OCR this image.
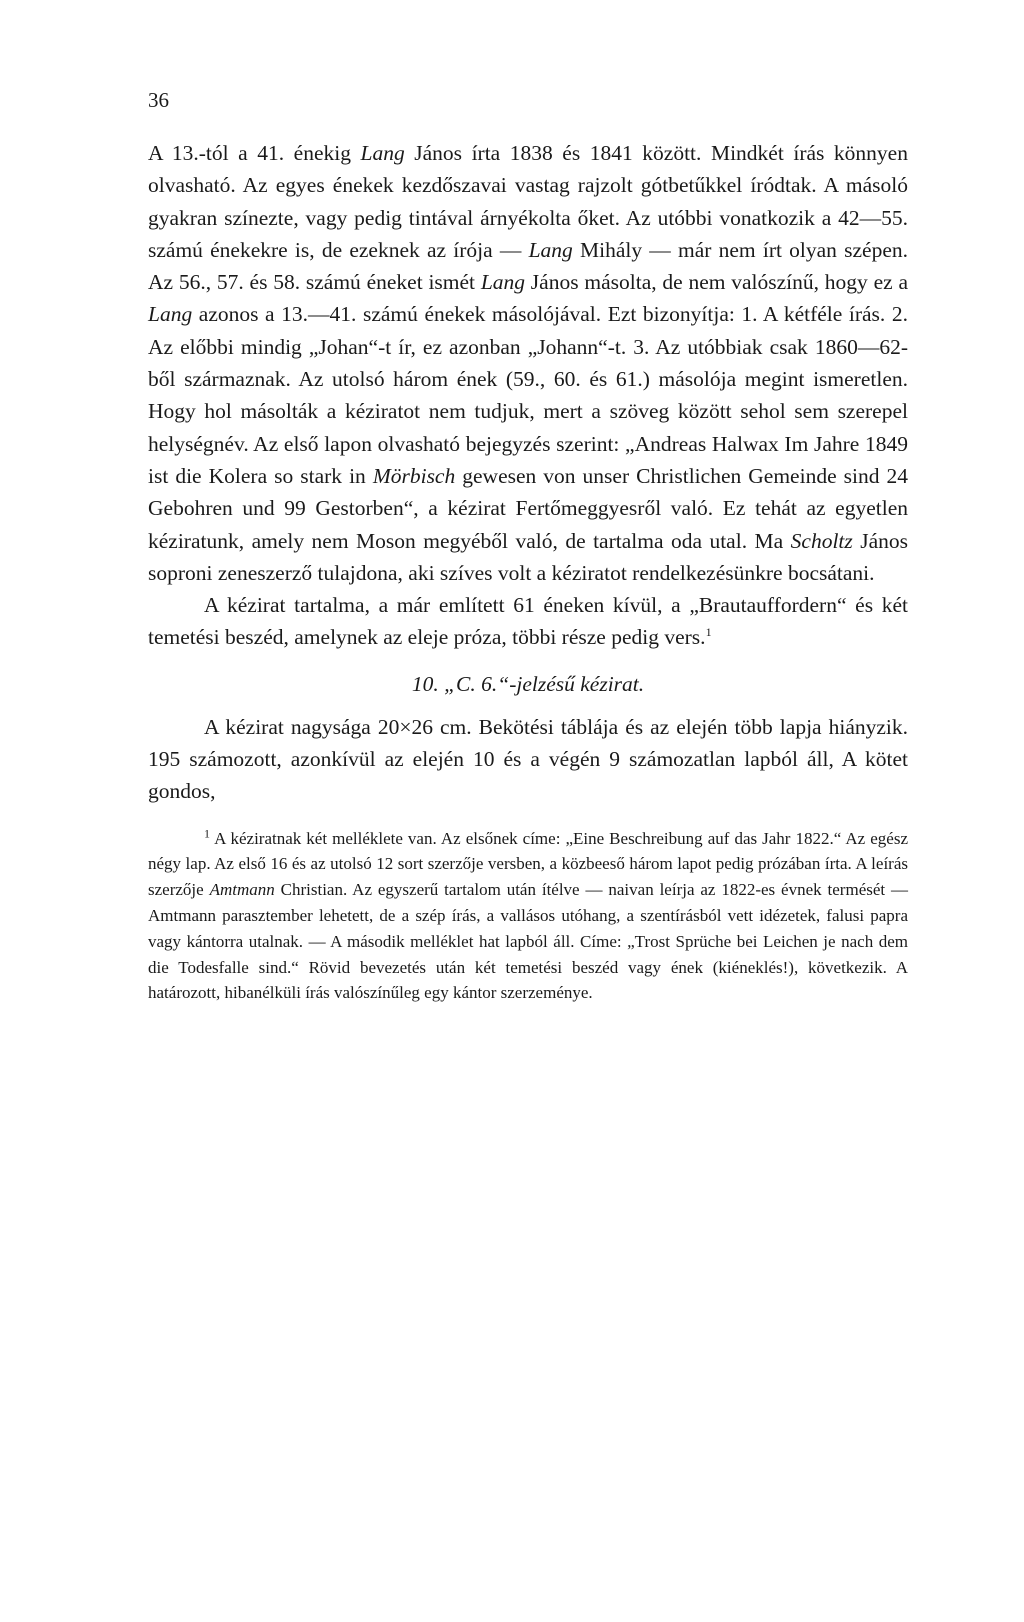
36

A 13.-tól a 41. énekig Lang János írta 1838 és 1841 között. Mindkét írás könnyen olvasható. Az egyes énekek kezdőszavai vastag rajzolt gótbetűkkel íródtak. A másoló gyakran színezte, vagy pedig tintával árnyékolta őket. Az utóbbi vonatkozik a 42—55. számú énekekre is, de ezeknek az írója — Lang Mihály — már nem írt olyan szépen. Az 56., 57. és 58. számú éneket ismét Lang János másolta, de nem valószínű, hogy ez a Lang azonos a 13.—41. számú énekek másolójával. Ezt bizonyítja: 1. A kétféle írás. 2. Az előbbi mindig „Johan“-t ír, ez azonban „Johann“-t. 3. Az utóbbiak csak 1860—62-ből származnak. Az utolsó három ének (59., 60. és 61.) másolója megint ismeretlen. Hogy hol másolták a kéziratot nem tudjuk, mert a szöveg között sehol sem szerepel helységnév. Az első lapon olvasható bejegyzés szerint: „Andreas Halwax Im Jahre 1849 ist die Kolera so stark in Mörbisch gewesen von unser Christlichen Gemeinde sind 24 Gebohren und 99 Gestorben“, a kézirat Fertőmeggyesről való. Ez tehát az egyetlen kéziratunk, amely nem Moson megyéből való, de tartalma oda utal. Ma Scholtz János soproni zeneszerző tulajdona, aki szíves volt a kéziratot rendelkezésünkre bocsátani.

A kézirat tartalma, a már említett 61 éneken kívül, a „Brautauffordern“ és két temetési beszéd, amelynek az eleje próza, többi része pedig vers.$^1$

10. „C. 6.“-jelzésű kézirat.

A kézirat nagysága 20×26 cm. Bekötési táblája és az elején több lapja hiányzik. 195 számozott, azonkívül az elején 10 és a végén 9 számozatlan lapból áll, A kötet gondos,

$^1$ A kéziratnak két melléklete van. Az elsőnek címe: „Eine Beschreibung auf das Jahr 1822.“ Az egész négy lap. Az első 16 és az utolsó 12 sort szerzője versben, a közbeeső három lapot pedig prózában írta. A leírás szerzője Amtmann Christian. Az egyszerű tartalom után ítélve — naivan leírja az 1822-es évnek termését — Amtmann parasztember lehetett, de a szép írás, a vallásos utóhang, a szentírásból vett idézetek, falusi papra vagy kántorra utalnak. — A második melléklet hat lapból áll. Címe: „Trost Sprüche bei Leichen je nach dem die Todesfalle sind.“ Rövid bevezetés után két temetési beszéd vagy ének (kiéneklés!), következik. A határozott, hibanélküli írás valószínűleg egy kántor szerzeménye.
